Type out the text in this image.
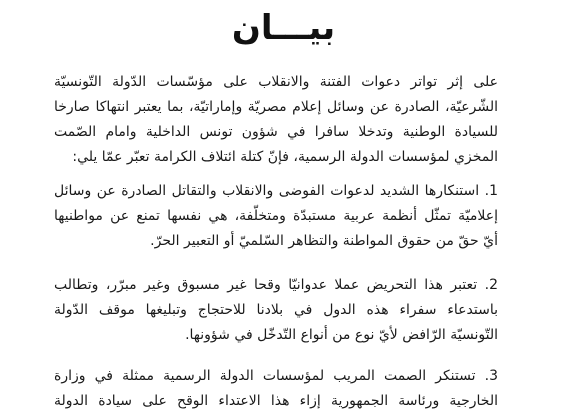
بيـــان
على إثر تواتر دعوات الفتنة والانقلاب على مؤسّسات الدّولة التّونسيّة
الشّرعيّة، الصادرة عن وسائل إعلام مصريّة وإماراتيّة، بما يعتبر انتهاكا صارخا
للسيادة الوطنية وتدخلا سافرا في شؤون تونس الداخلية وامام الصّمت
المخزي لمؤسسات الدولة الرسمية، فإنّ كتلة ائتلاف الكرامة تعبّر عمّا يلي:
1. استنكارها الشديد لدعوات الفوضى والانقلاب والتقاتل الصادرة عن وسائل
إعلاميّة تمثّل أنظمة عربية مستبدّة ومتخلّفة، هي نفسها تمنع عن مواطنيها
أيّ حقّ من حقوق المواطنة والتظاهر السّلميّ أو التعبير الحرّ.
2. تعتبر هذا التحريض عملا عدوانيّا وقحا غير مسبوق وغير مبرّر، وتطالب
باستدعاء سفراء هذه الدول في بلادنا للاحتجاج وتبليغها موقف الدّولة
التّونسيّة الرّافض لأيّ نوع من أنواع التّدخّل في شؤونها.
3. تستنكر الصمت المريب لمؤسسات الدولة الرسمية ممثلة في وزارة
الخارجية ورئاسة الجمهورية إزاء هذا الاعتداء الوقح على سيادة الدولة
